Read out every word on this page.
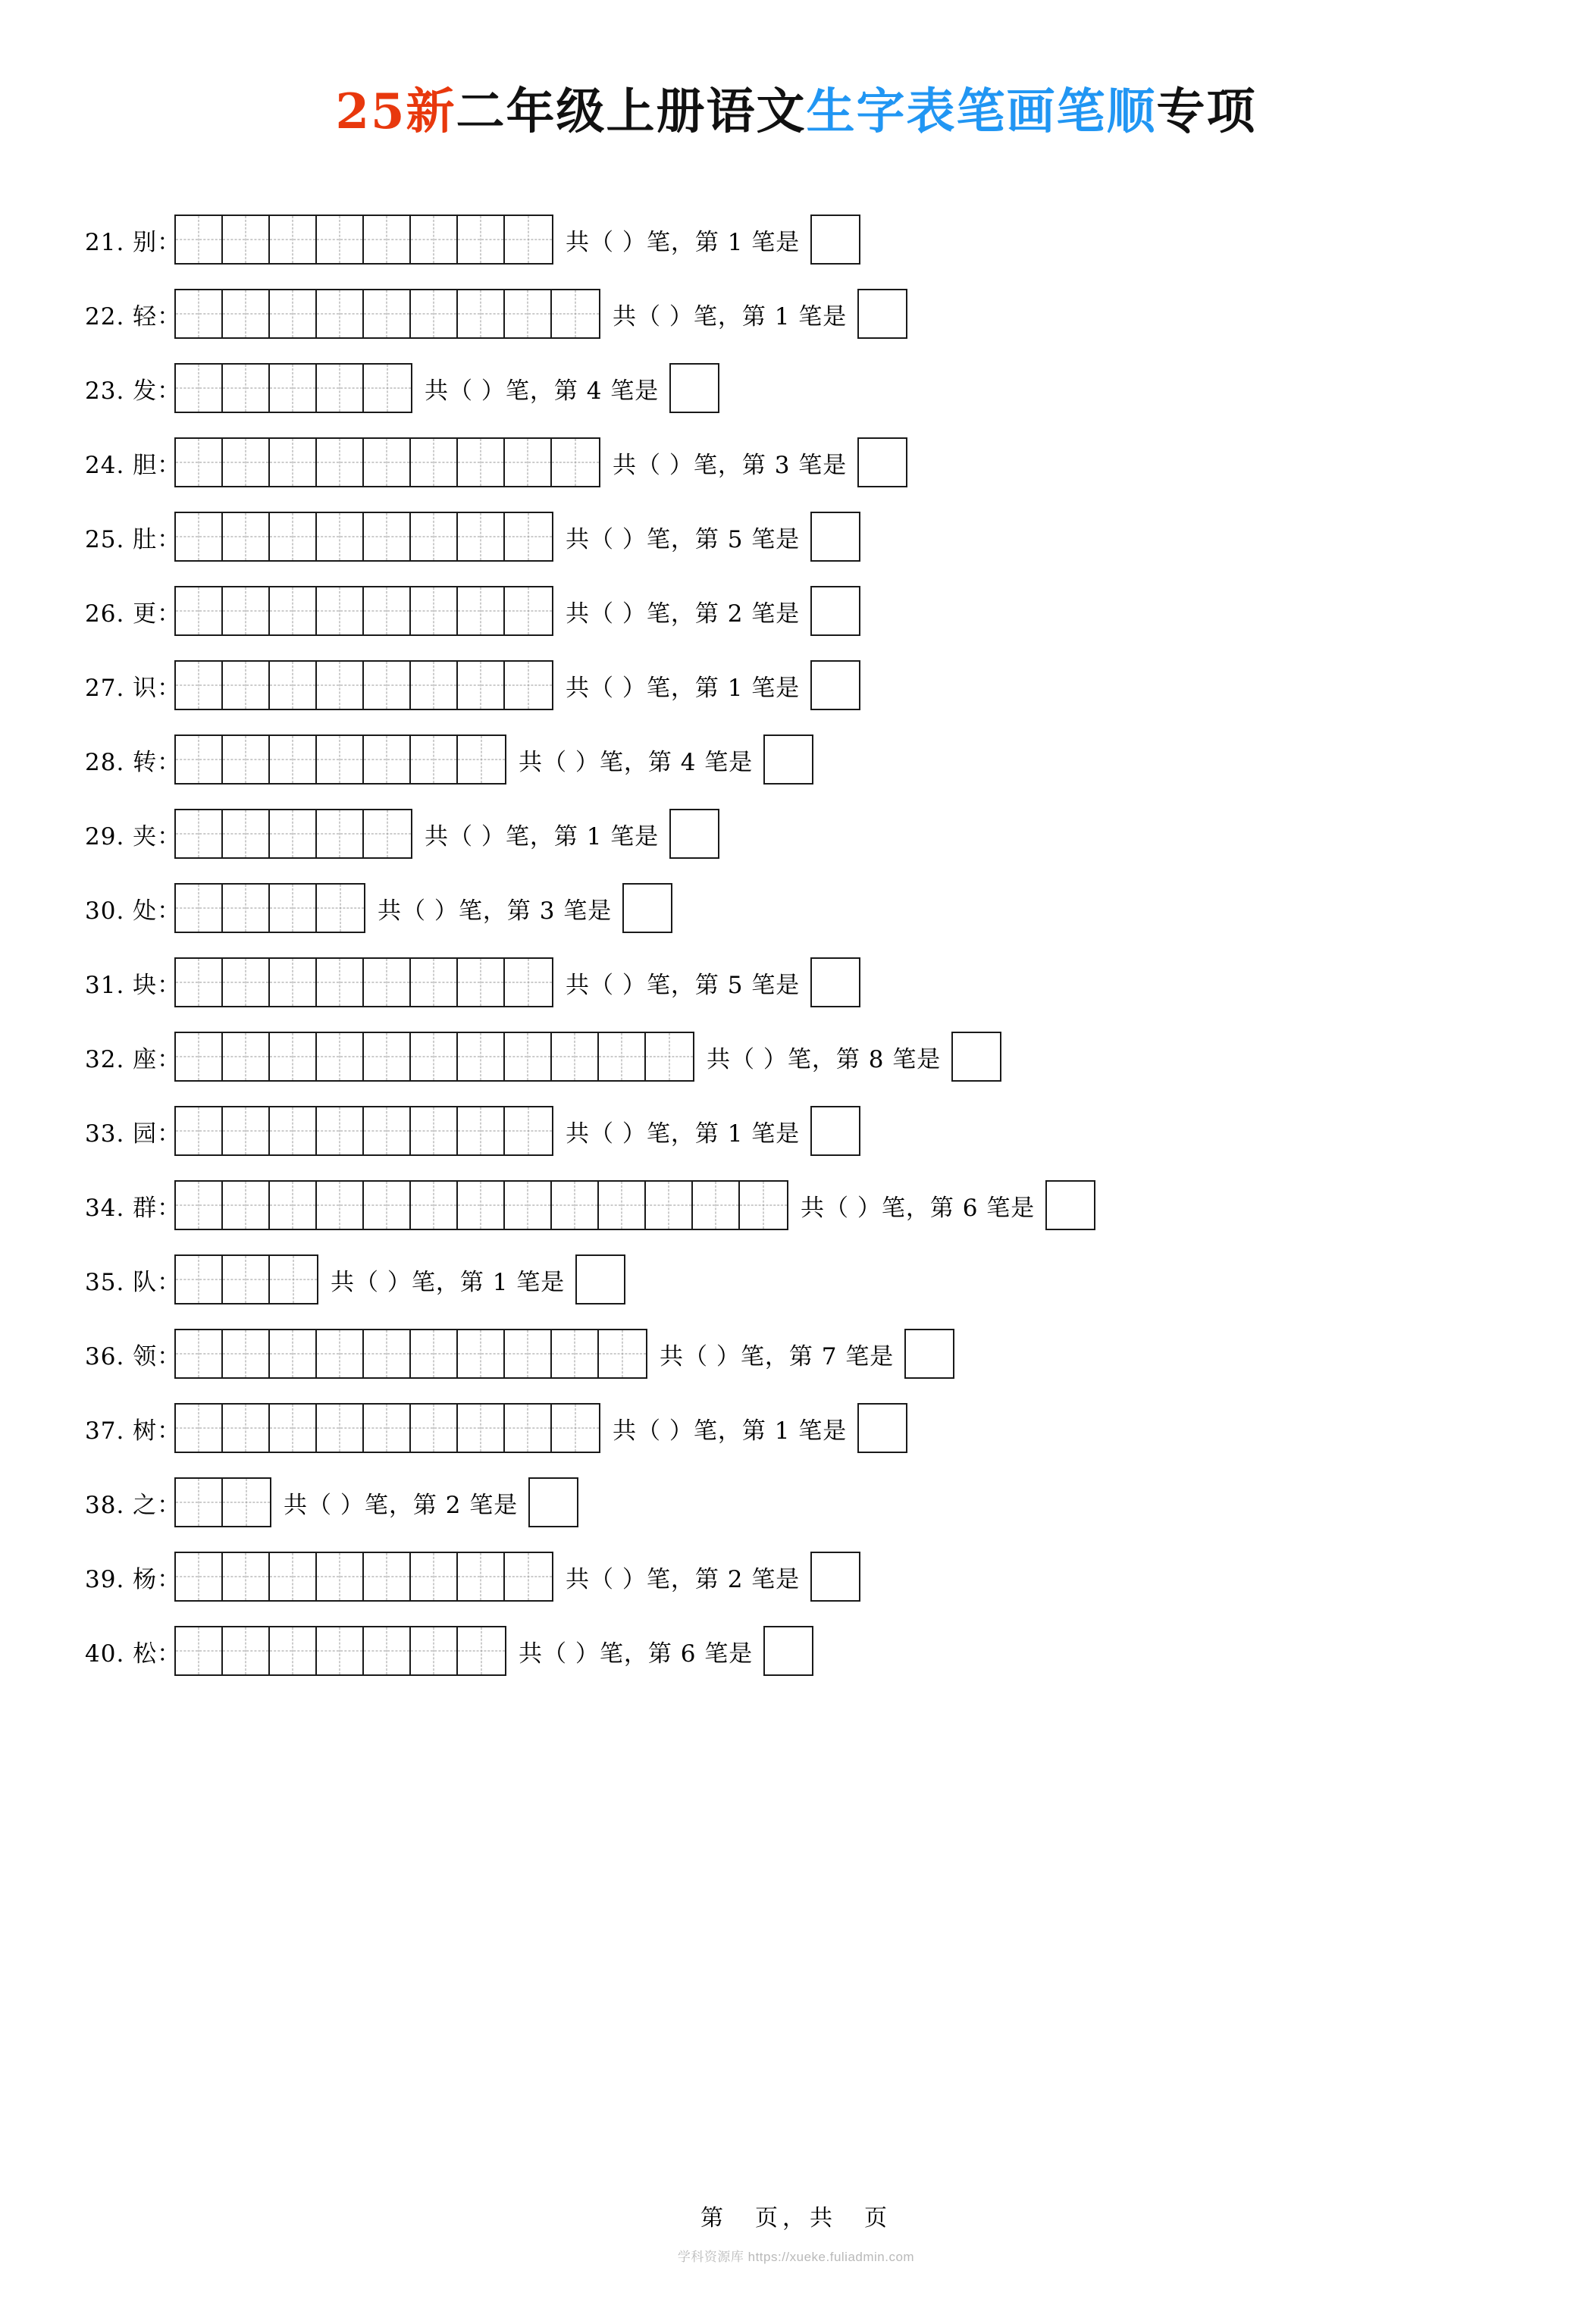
25新二年级上册语文生字表笔画笔顺专项
21. 别：	共（ ）笔，第 1 笔是
22. 轻：	共（ ）笔，第 1 笔是
23. 发：	共（ ）笔，第 4 笔是
24. 胆：	共（ ）笔，第 3 笔是
25. 肚：	共（ ）笔，第 5 笔是
26. 更：	共（ ）笔，第 2 笔是
27. 识：	共（ ）笔，第 1 笔是
28. 转：	共（ ）笔，第 4 笔是
29. 夹：	共（ ）笔，第 1 笔是
30. 处：	共（ ）笔，第 3 笔是
31. 块：	共（ ）笔，第 5 笔是
32. 座：	共（ ）笔，第 8 笔是
33. 园：	共（ ）笔，第 1 笔是
34. 群：	共（ ）笔，第 6 笔是
35. 队：	共（ ）笔，第 1 笔是
36. 领：	共（ ）笔，第 7 笔是
37. 树：	共（ ）笔，第 1 笔是
38. 之：	共（ ）笔，第 2 笔是
39. 杨：	共（ ）笔，第 2 笔是
40. 松：	共（ ）笔，第 6 笔是
第　页，共　页
学科资源库 https://xueke.fuliadmin.com
